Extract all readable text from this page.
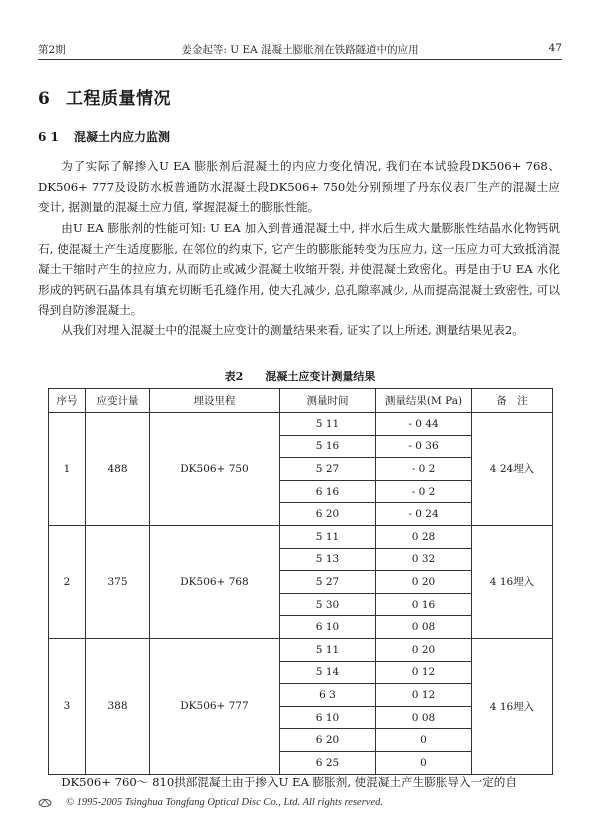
第2期	姜金起等: U EA 混凝土膨胀剂在铁路隧道中的应用	47
6 工程质量情况
6 1 混凝土内应力监测

为了实际了解掺入U EA 膨胀剂后混凝土的内应力变化情况, 我们在本试验段DK506+ 768、DK506+ 777及设防水板普通防水混凝土段DK506+ 750处分别预埋了丹东仪表厂生产的混凝土应变计, 据测量的混凝土应力值, 掌握混凝土的膨胀性能。

由U EA 膨胀剂的性能可知: U EA 加入到普通混凝土中, 拌水后生成大量膨胀性结晶水化物钙矾石, 使混凝土产生适度膨胀, 在邻位的约束下, 它产生的膨胀能转变为压应力, 这一压应力可大致抵消混凝土干缩时产生的拉应力, 从而防止或减少混凝土收缩开裂, 并使混凝土致密化。再是由于U EA 水化形成的钙矾石晶体具有填充切断毛孔缝作用, 使大孔减少, 总孔隙率减少, 从而提高混凝土致密性, 可以得到自防渗混凝土。

从我们对埋入混凝土中的混凝土应变计的测量结果来看, 证实了以上所述, 测量结果见表2。

表2 混凝土应变计测量结果
序号	应变计量	埋设里程	测量时间	测量结果(M Pa)	备　注
1	488	DK506+ 750	5 11	- 0 44	4 24埋入
			5 16	- 0 36	
			5 27	- 0 2	
			6 16	- 0 2	
			6 20	- 0 24	
2	375	DK506+ 768	5 11	0 28	4 16埋入
			5 13	0 32	
			5 27	0 20	
			5 30	0 16	
			6 10	0 08	
3	388	DK506+ 777	5 11	0 20	4 16埋入
			5 14	0 12	
			6 3	0 12	
			6 10	0 08	
			6 20	0	
			6 25	0	

DK506+ 760～ 810拱部混凝土由于掺入U EA 膨胀剂, 使混凝土产生膨胀导入一定的自

© 1995-2005 Tsinghua Tongfang Optical Disc Co., Ltd. All rights reserved.
